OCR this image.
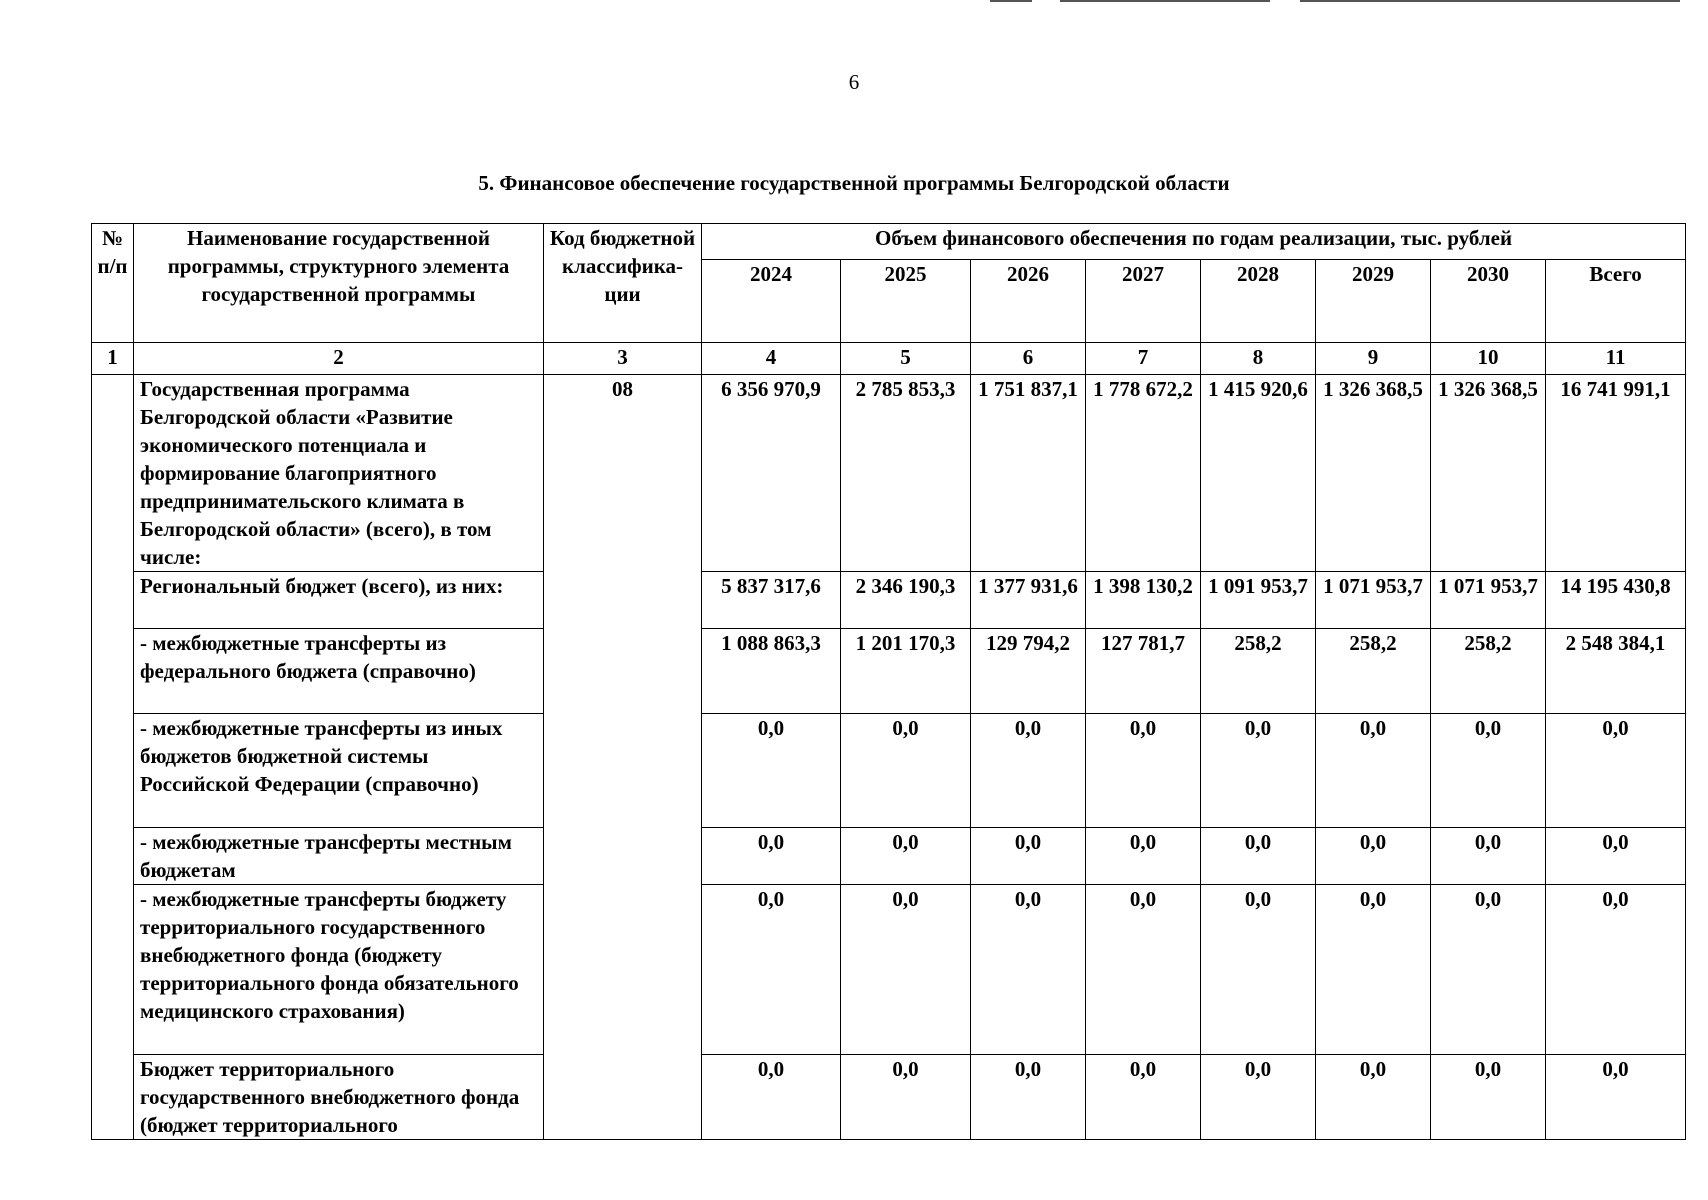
6
5. Финансовое обеспечение государственной программы Белгородской области
№ п/п	Наименование государственной программы, структурного элемента государственной программы	Код бюджетной классифика-ции	Объем финансового обеспечения по годам реализации, тыс. рублей							
			2024	2025	2026	2027	2028	2029	2030	Всего
1	2	3	4	5	6	7	8	9	10	11
	Государственная программа Белгородской области «Развитие экономического потенциала и формирование благоприятного предпринимательского климата в Белгородской области» (всего), в том числе:	08	6 356 970,9	2 785 853,3	1 751 837,1	1 778 672,2	1 415 920,6	1 326 368,5	1 326 368,5	16 741 991,1
	Региональный бюджет (всего), из них:		5 837 317,6	2 346 190,3	1 377 931,6	1 398 130,2	1 091 953,7	1 071 953,7	1 071 953,7	14 195 430,8
	- межбюджетные трансферты из федерального бюджета (справочно)		1 088 863,3	1 201 170,3	129 794,2	127 781,7	258,2	258,2	258,2	2 548 384,1
	- межбюджетные трансферты из иных бюджетов бюджетной системы Российской Федерации (справочно)		0,0	0,0	0,0	0,0	0,0	0,0	0,0	0,0
	- межбюджетные трансферты местным бюджетам		0,0	0,0	0,0	0,0	0,0	0,0	0,0	0,0
	- межбюджетные трансферты бюджету территориального государственного внебюджетного фонда (бюджету территориального фонда обязательного медицинского страхования)		0,0	0,0	0,0	0,0	0,0	0,0	0,0	0,0
	Бюджет территориального государственного внебюджетного фонда (бюджет территориального		0,0	0,0	0,0	0,0	0,0	0,0	0,0	0,0
